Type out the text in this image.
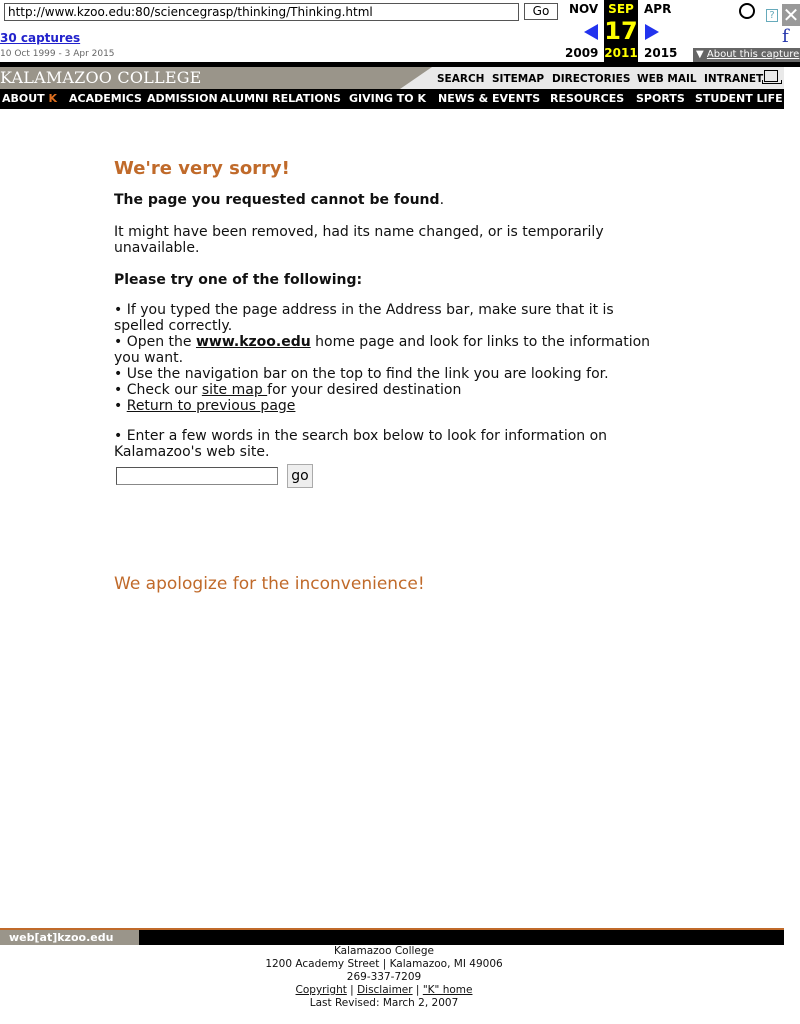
http://www.kzoo.edu:80/sciencegrasp/thinking/Thinking.html
Go
30 captures
10 Oct 1999 - 3 Apr 2015
NOV
2009
SEP
17
2011
APR
2015
? ✕
f
▼ About this capture
KALAMAZOO COLLEGE	SEARCH SITEMAP DIRECTORIES WEB MAIL INTRANET
ABOUT K ACADEMICS ADMISSION ALUMNI RELATIONS GIVING TO K NEWS & EVENTS RESOURCES SPORTS STUDENT LIFE
We're very sorry!
The page you requested cannot be found.
It might have been removed, had its name changed, or is temporarily unavailable.
Please try one of the following:
• If you typed the page address in the Address bar, make sure that it is spelled correctly.
• Open the www.kzoo.edu home page and look for links to the information you want.
• Use the navigation bar on the top to find the link you are looking for.
• Check our site map for your desired destination
• Return to previous page
• Enter a few words in the search box below to look for information on Kalamazoo's web site.
go
We apologize for the inconvenience!
web[at]kzoo.edu
Kalamazoo College
1200 Academy Street | Kalamazoo, MI 49006
269-337-7209
Copyright | Disclaimer | "K" home
Last Revised: March 2, 2007
